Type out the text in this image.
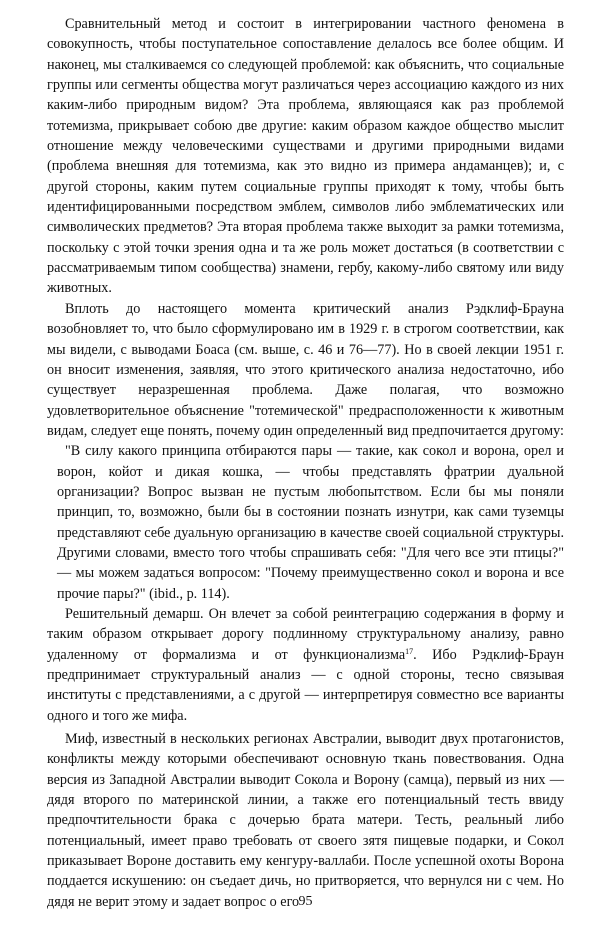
Сравнительный метод и состоит в интегрировании частного феномена в совокупность, чтобы поступательное сопоставление делалось все более общим. И наконец, мы сталкиваемся со следующей проблемой: как объяснить, что социальные группы или сегменты общества могут различаться через ассоциацию каждого из них каким-либо природным видом? Эта проблема, являющаяся как раз проблемой тотемизма, прикрывает собою две другие: каким образом каждое общество мыслит отношение между человеческими существами и другими природными видами (проблема внешняя для тотемизма, как это видно из примера андаманцев); и, с другой стороны, каким путем социальные группы приходят к тому, чтобы быть идентифицированными посредством эмблем, символов либо эмблематических или символических предметов? Эта вторая проблема также выходит за рамки тотемизма, поскольку с этой точки зрения одна и та же роль может достаться (в соответствии с рассматриваемым типом сообщества) знамени, гербу, какому-либо святому или виду животных.

Вплоть до настоящего момента критический анализ Рэдклиф-Брауна возобновляет то, что было сформулировано им в 1929 г. в строгом соответствии, как мы видели, с выводами Боаса (см. выше, с. 46 и 76—77). Но в своей лекции 1951 г. он вносит изменения, заявляя, что этого критического анализа недостаточно, ибо существует неразрешенная проблема. Даже полагая, что возможно удовлетворительное объяснение "тотемической" предрасположенности к животным видам, следует еще понять, почему один определенный вид предпочитается другому:

"В силу какого принципа отбираются пары — такие, как сокол и ворона, орел и ворон, койот и дикая кошка, — чтобы представлять фратрии дуальной организации? Вопрос вызван не пустым любопытством. Если бы мы поняли принцип, то, возможно, были бы в состоянии познать изнутри, как сами туземцы представляют себе дуальную организацию в качестве своей социальной структуры. Другими словами, вместо того чтобы спрашивать себя: "Для чего все эти птицы?" — мы можем задаться вопросом: "Почему преимущественно сокол и ворона и все прочие пары?" (ibid., p. 114).

Решительный демарш. Он влечет за собой реинтеграцию содержания в форму и таким образом открывает дорогу подлинному структуральному анализу, равно удаленному от формализма и от функционализма$^{17}$. Ибо Рэдклиф-Браун предпринимает структуральный анализ — с одной стороны, тесно связывая институты с представлениями, а с другой — интерпретируя совместно все варианты одного и того же мифа.

Миф, известный в нескольких регионах Австралии, выводит двух протагонистов, конфликты между которыми обеспечивают основную ткань повествования. Одна версия из Западной Австралии выводит Сокола и Ворону (самца), первый из них — дядя второго по материнской линии, а также его потенциальный тесть ввиду предпочтительности брака с дочерью брата матери. Тесть, реальный либо потенциальный, имеет право требовать от своего зятя пищевые подарки, и Сокол приказывает Вороне доставить ему кенгуру-валлаби. После успешной охоты Ворона поддается искушению: он съедает дичь, но притворяется, что вернулся ни с чем. Но дядя не верит этому и задает вопрос о его 95
